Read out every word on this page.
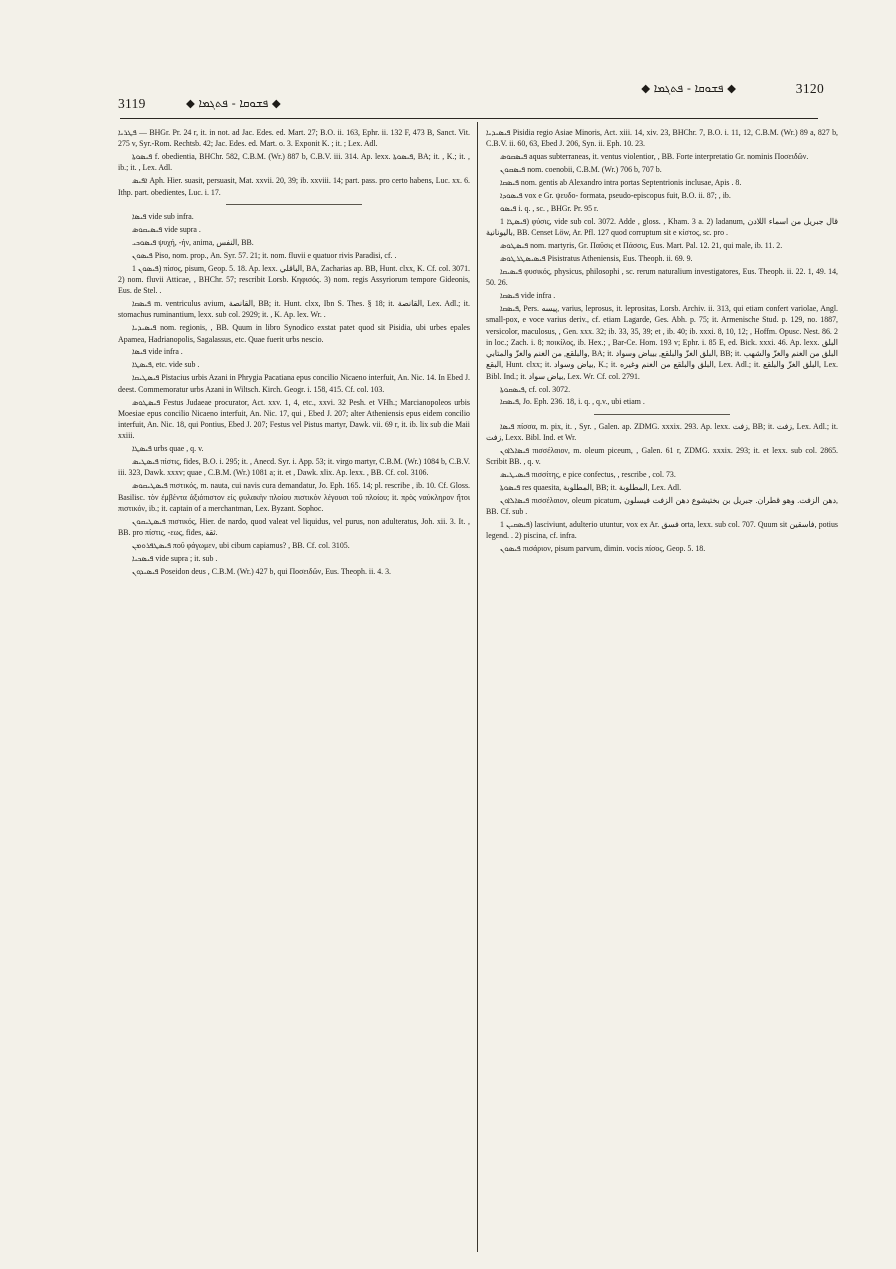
3119	◆ ܦܫܘܩܐ - ܦܬܓܡܐ ◆
◆ ܦܫܘܩܐ - ܦܬܓܡܐ ◆	3120

ܦܛܪܝܐ — BHGr. Pr. 24 r, it. in not. ad Jac. Edes. ed. Mart. 27; B.O. ii. 163, Ephr. ii. 132 F, 473 B, Sanct. Vit. 275 v, Syr.-Rom. Rechtsb. 42; Jac. Edes. ed. Mart. o. 3. Exponit K. ; it. ; Lex. Adl.

ܦܝܣܘܬܐ f. obedientia, BHChr. 582, C.B.M. (Wr.) 887 b, C.B.V. iii. 314. Ap. lexx. ܦܝܣܘܬܐ, BA; it. , K.; it. , ib.; it. , Lex. Adl.

ܐܦܝܣ Aph. Hier. suasit, persuasit, Mat. xxvii. 20, 39; ib. xxviii. 14; part. pass. pro certo habens, Luc. xx. 6. Ithp. part. obedientes, Luc. i. 17.

ܦܝܣܐ vide sub infra.

ܦܝܣܝܩܘܣ vide supra .

ܦܝܣܘܟܝ ψυχή, -ήν, anima, النفس, BB.

ܦܝܣܘܢ Piso, nom. prop., An. Syr. 57. 21; it. nom. fluvii e quatuor rivis Paradisi, cf. .

ܦܝܣܘܢ 1) πίσος, pisum, Geop. 5. 18. Ap. lexx. الباقلي, BA, Zacharias ap. BB, Hunt. clxx, K. Cf. col. 3071. 2) nom. fluvii Atticae, , BHChr. 57; rescribit Lorsb. Κηφισός. 3) nom. regis Assyriorum tempore Gideonis, Eus. de Stel. .

ܦܝܣܩܐ m. ventriculus avium, القانصة, BB; it. Hunt. clxx, Ibn S. Thes. § 18; it. القانصة, Lex. Adl.; it. stomachus ruminantium, lexx. sub col. 2929; it. , K. Ap. lex. Wr. .

ܦܝܣܝܕܝܐ nom. regionis, , BB. Quum in libro Synodico exstat patet quod sit Pisidia, ubi urbes epales Apamea, Hadrianopolis, Sagalassus, etc. Quae fuerit urbs nescio.

ܦܝܣܐ vide infra .

ܦܝܣܛܐ, etc. vide sub .

ܦܝܣܛܝܩܐ Pistacius urbis Azani in Phrygia Pacatiana epus concilio Nicaeno interfuit, An. Nic. 14. In Ebed J. deest. Commemoratur urbs Azani in Wiltsch. Kirch. Geogr. i. 158, 415. Cf. col. 103.

ܦܝܣܛܘܣ Festus Judaeae procurator, Act. xxv. 1, 4, etc., xxvi. 32 Pesh. et VHh.; Marcianopoleos urbis Moesiae epus concilio Nicaeno interfuit, An. Nic. 17, qui , Ebed J. 207; alter Atheniensis epus eidem concilio interfuit, An. Nic. 18, qui Pontius, Ebed J. 207; Festus vel Pistus martyr, Dawk. vii. 69 r, it. ib. lix sub die Maii xxiii.

ܦܝܣܛܐ urbs quae , q. v.

ܦܝܣܛܝܣ πίστις, fides, B.O. i. 295; it. , Anecd. Syr. i. App. 53; it. virgo martyr, C.B.M. (Wr.) 1084 b, C.B.V. iii. 323, Dawk. xxxv; quae , C.B.M. (Wr.) 1081 a; it. et , Dawk. xlix. Ap. lexx. , BB. Cf. col. 3106.

ܦܝܣܛܝܩܘܣ πιστικός, m. nauta, cui navis cura demandatur, Jo. Eph. 165. 14; pl. rescribe , ib. 10. Cf. Gloss. Basilisc. τὸν ἐμβέντα ἀξιόπιστον εἰς φυλακὴν πλοίου πιστικὸν λέγουσι τοῦ πλοίου; it. πρὸς ναύκληρον ἤτοι πιστικόν, ib.; it. captain of a merchantman, Lex. Byzant. Sophoc.

ܦܝܣܛܝܩܘܢ πιστικός, Hier. de nardo, quod valeat vel liquidus, vel purus, non adulteratus, Joh. xii. 3. It. , BB. pro πίστις, -εως, fides, ثقة.

ܦܝܣܛܦܪܘܡܢ ποῦ φάγωμεν, ubi cibum capiamus? , BB. Cf. col. 3105.

ܦܝܣܟܝܐ vide supra ; it. sub .

ܦܝܣܝܕܘܢ Poseidon deus , C.B.M. (Wr.) 427 b, qui Ποσειδῶν, Eus. Theoph. ii. 4. 3.

ܦܝܣܝܕܝܐ Pisidia regio Asiae Minoris, Act. xiii. 14, xiv. 23, BHChr. 7, B.O. i. 11, 12, C.B.M. (Wr.) 89 a, 827 b, C.B.V. ii. 60, 63, Ebed J. 206, Syn. ii. Eph. 10. 23.

ܦܝܣܩܘܣ aquas subterraneas, it. ventus violentior, , BB. Forte interpretatio Gr. nominis Ποσειδῶν.

ܦܝܣܩܘܢ nom. coenobii, C.B.M. (Wr.) 706 b, 707 b.

ܦܝܣܩܐ nom. gentis ab Alexandro intra portas Septentrionis inclusae, Apis . 8.

ܦܝܣܘܕܐ vox e Gr. ψευδο- formata, pseudo-episcopus fuit, B.O. ii. 87; , ib.

ܦܝܣܘ i. q. , sc. , BHGr. Pr. 95 r.

ܦܝܣܛܐ 1) φύσις, vide sub col. 3072. Adde , gloss. , Kham. 3 a. 2) ladanum, قال جبريل من اسماء اللادن باليونانية, BB. Censet Löw, Ar. Pfl. 127 quod corruptum sit e κίστος, sc. pro .

ܦܝܣܛܘܣ nom. martyris, Gr. Παῦσις et Πάσσις, Eus. Mart. Pal. 12. 21, qui male, ib. 11. 2.

ܦܝܣܝܣܛܪܛܘܣ Pisistratus Atheniensis, Eus. Theoph. ii. 69. 9.

ܦܝܣܝܩܐ φυσικός, physicus, philosophi , sc. rerum naturalium investigatores, Eus. Theoph. ii. 22. 1, 49. 14, 50. 26.

ܦܝܣܩܐ vide infra .

ܦܝܣܩܐ, Pers. پيسه, varius, leprosus, it. leprositas, Lorsb. Archiv. ii. 313, qui etiam confert variolae, Angl. small-pox, e voce varius deriv., cf. etiam Lagarde, Ges. Abh. p. 75; it. Armenische Stud. p. 129, no. 1887, versicolor, maculosus, , Gen. xxx. 32; ib. 33, 35, 39; et , ib. 40; ib. xxxi. 8, 10, 12; , Hoffm. Opusc. Nest. 86. 2 in loc.; Zach. i. 8; ποικίλος, ib. Hex.; , Bar-Ce. Hom. 193 v; Ephr. i. 85 E, ed. Bick. xxxi. 46. Ap. lexx. البلق والبلقع, من الغنم والغزّ والمتابي, BA; it. البلق الغزّ والبلقع, بيباض وسواد, BB; it. البلق من الغنم والغزّ والشهب البقع, Hunt. clxx; it. بياض وسواد, K.; it. البلق والبلقع من الغنم وغيره, Lex. Adl.; it. البلق الغزّ والبلقع, Lex. Bibl. Ind.; it. بياض سواد, Lex. Wr. Cf. col. 2791.

ܦܝܣܩܘܬܐ, cf. col. 3072.

ܦܝܣܩܐ, Jo. Eph. 236. 18, i. q. , q.v., ubi etiam .

ܦܝܣܐ πίσσα, m. pix, it. , Syr. , Galen. ap. ZDMG. xxxix. 293. Ap. lexx. زفت, BB; it. زفت, Lex. Adl.; it. زفت, Lexx. Bibl. Ind. et Wr.

ܦܝܣܐܠܐܘܢ πισσέλαιον, m. oleum piceum, , Galen. 61 r, ZDMG. xxxix. 293; it. et lexx. sub col. 2865. Scribit BB. , q. v.

ܦܝܣܝܛܝܣ πισσίτης, e pice confectus, , rescribe , col. 73.

ܦܝܣܘܬܐ res quaesita, المطلوبة, BB; it. المطلوبة, Lex. Adl.

ܦܝܣܐܠܐܘܢ πισσέλαιον, oleum picatum, دهن الزفت. وهو قطران. جبريل بن بختيشوع دهن الزفت فيسلون, BB. Cf. sub .

ܦܝܣܩܝܢ 1) lasciviunt, adulterio utuntur, vox ex Ar. فسق orta, lexx. sub col. 707. Quum sit فاسقين, potius legend. . 2) piscina, cf. infra.

ܦܝܣܘܢ πισάριον, pisum parvum, dimin. vocis πίσος, Geop. 5. 18.
